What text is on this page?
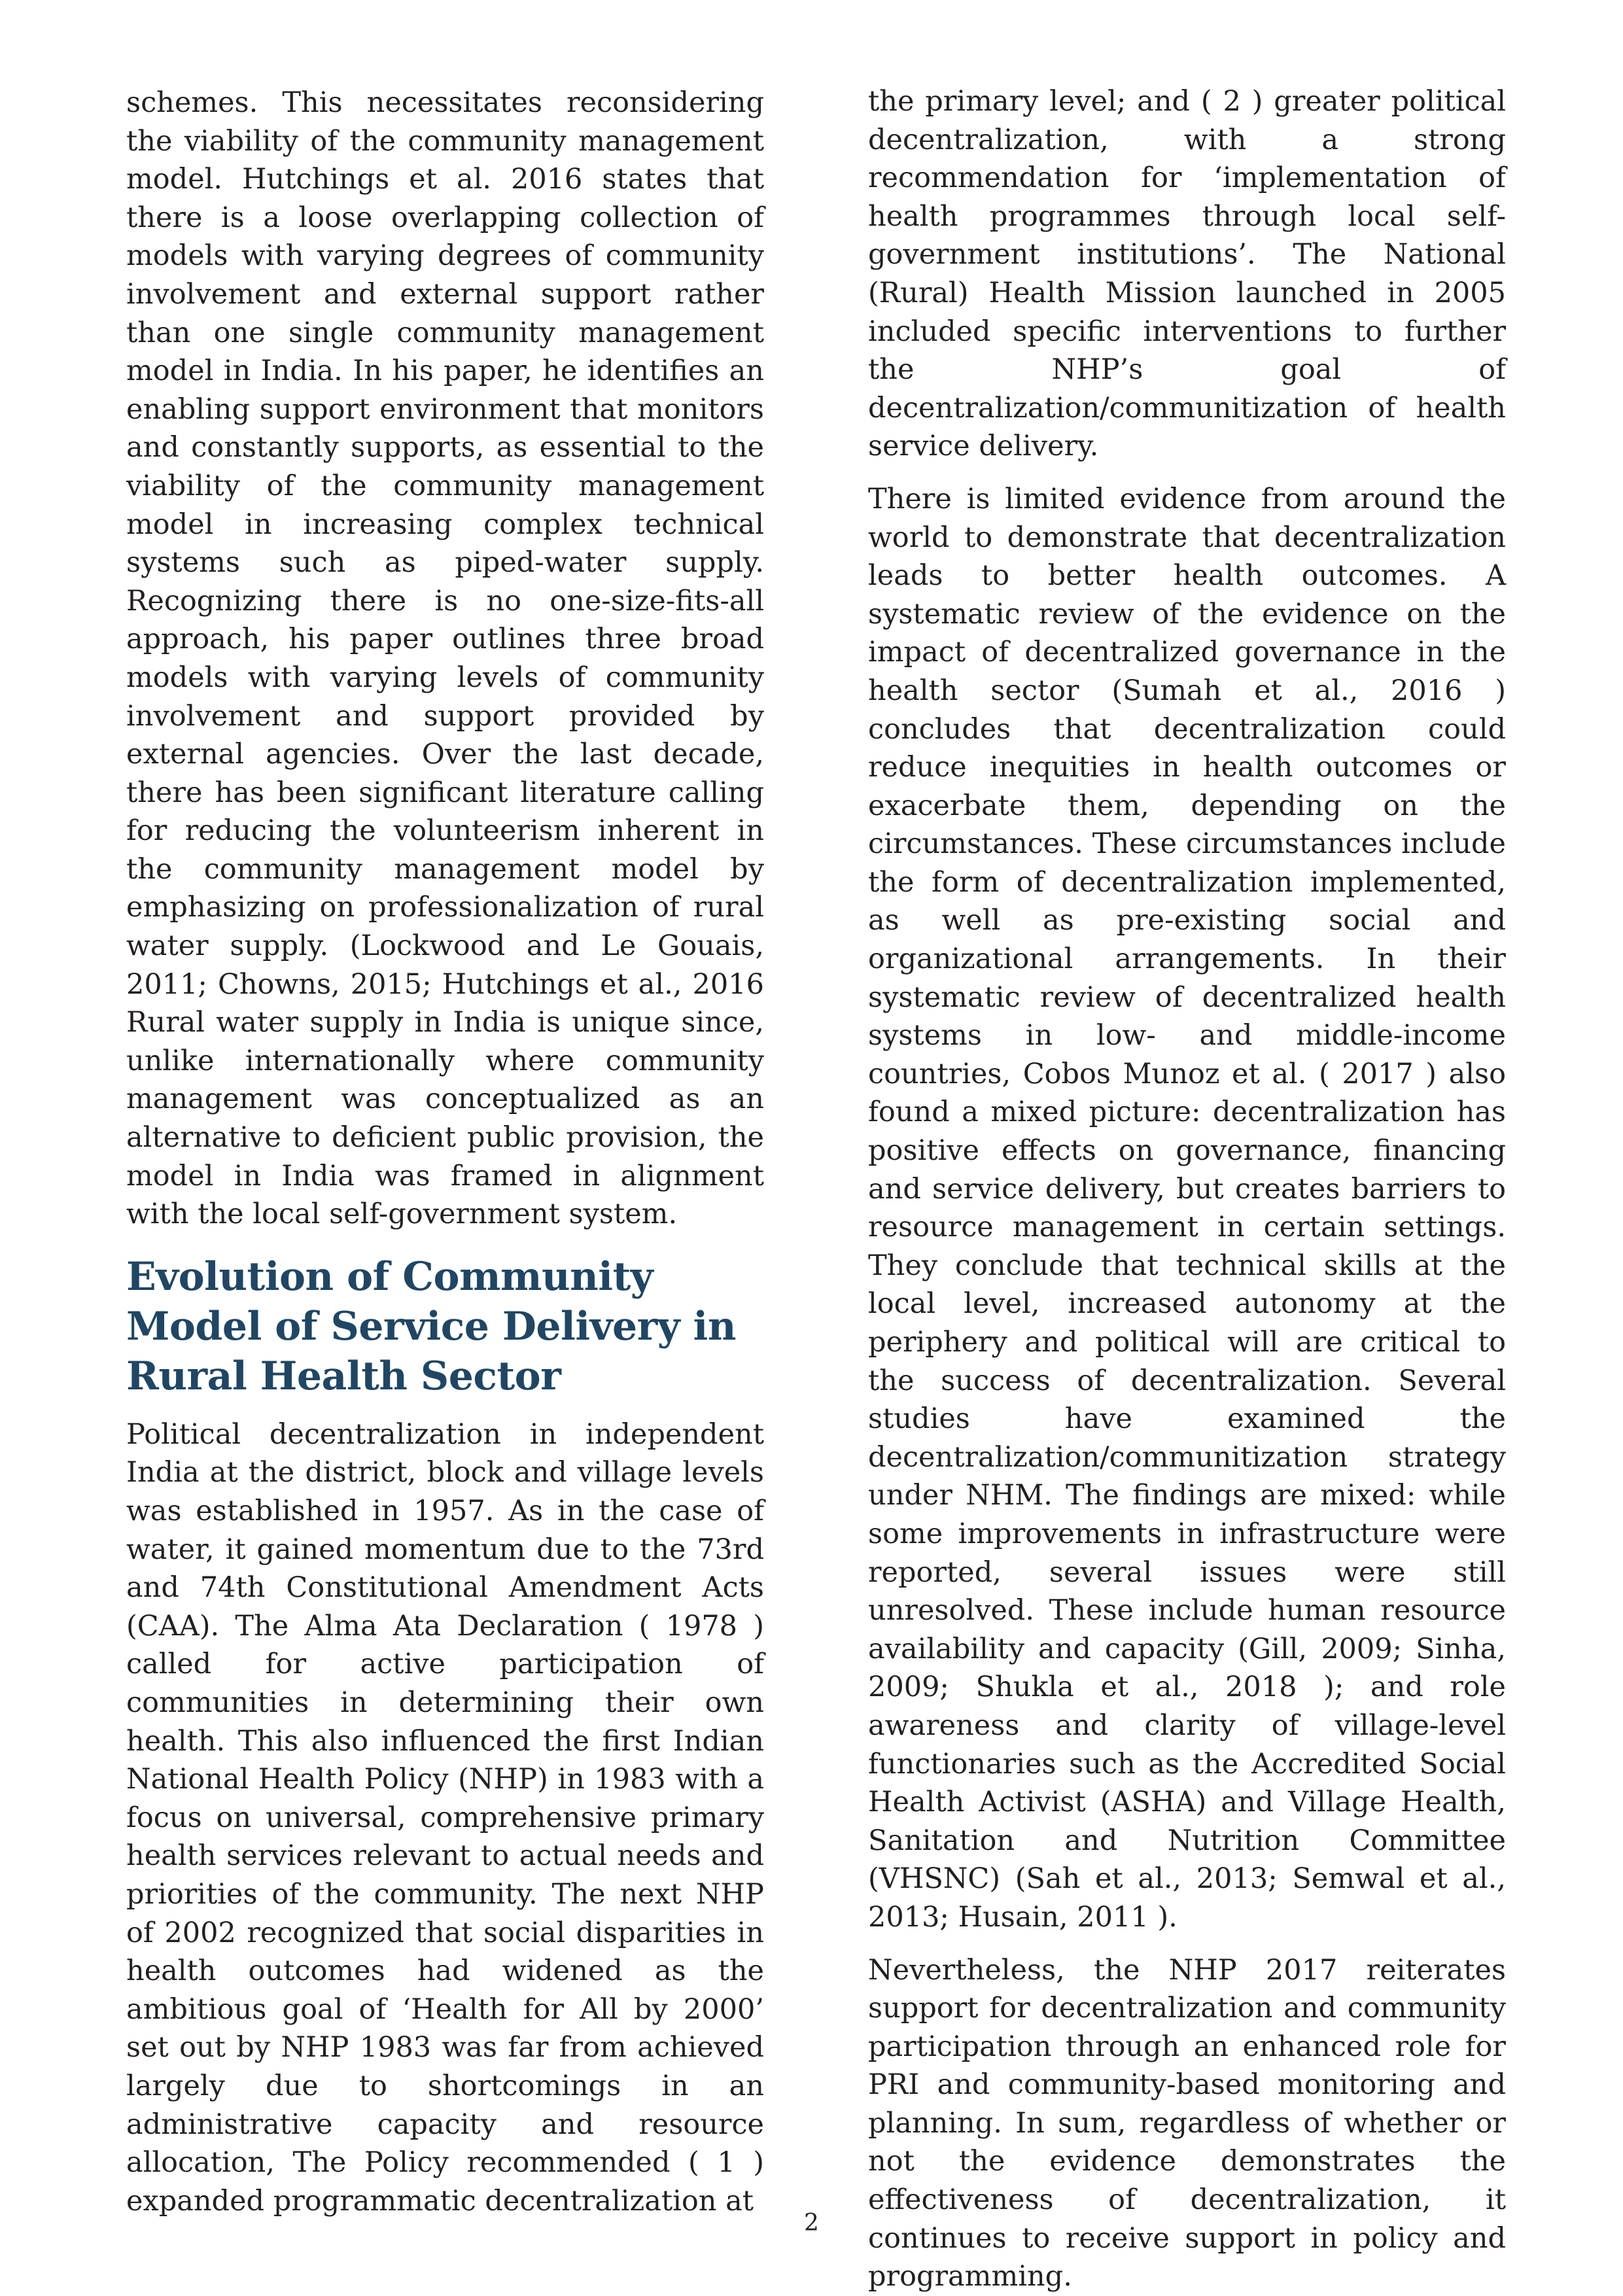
schemes. This necessitates reconsidering the viability of the community management model. Hutchings et al. 2016 states that there is a loose overlapping collection of models with varying degrees of community involvement and external support rather than one single community management model in India. In his paper, he identifies an enabling support environment that monitors and constantly supports, as essential to the viability of the community management model in increasing complex technical systems such as piped-water supply. Recognizing there is no one-size-fits-all approach, his paper outlines three broad models with varying levels of community involvement and support provided by external agencies. Over the last decade, there has been significant literature calling for reducing the volunteerism inherent in the community management model by emphasizing on professionalization of rural water supply. (Lockwood and Le Gouais, 2011; Chowns, 2015; Hutchings et al., 2016 Rural water supply in India is unique since, unlike internationally where community management was conceptualized as an alternative to deficient public provision, the model in India was framed in alignment with the local self-government system.

Evolution of Community Model of Service Delivery in Rural Health Sector

Political decentralization in independent India at the district, block and village levels was established in 1957. As in the case of water, it gained momentum due to the 73rd and 74th Constitutional Amendment Acts (CAA). The Alma Ata Declaration ( 1978 ) called for active participation of communities in determining their own health. This also influenced the first Indian National Health Policy (NHP) in 1983 with a focus on universal, comprehensive primary health services relevant to actual needs and priorities of the community. The next NHP of 2002 recognized that social disparities in health outcomes had widened as the ambitious goal of ‘Health for All by 2000’ set out by NHP 1983 was far from achieved largely due to shortcomings in an administrative capacity and resource allocation, The Policy recommended ( 1 ) expanded programmatic decentralization at

the primary level; and ( 2 ) greater political decentralization, with a strong recommendation for ‘implementation of health programmes through local self-government institutions’. The National (Rural) Health Mission launched in 2005 included specific interventions to further the NHP’s goal of decentralization/communitization of health service delivery.

There is limited evidence from around the world to demonstrate that decentralization leads to better health outcomes. A systematic review of the evidence on the impact of decentralized governance in the health sector (Sumah et al., 2016 ) concludes that decentralization could reduce inequities in health outcomes or exacerbate them, depending on the circumstances. These circumstances include the form of decentralization implemented, as well as pre-existing social and organizational arrangements. In their systematic review of decentralized health systems in low- and middle-income countries, Cobos Munoz et al. ( 2017 ) also found a mixed picture: decentralization has positive effects on governance, financing and service delivery, but creates barriers to resource management in certain settings. They conclude that technical skills at the local level, increased autonomy at the periphery and political will are critical to the success of decentralization. Several studies have examined the decentralization/communitization strategy under NHM. The findings are mixed: while some improvements in infrastructure were reported, several issues were still unresolved. These include human resource availability and capacity (Gill, 2009; Sinha, 2009; Shukla et al., 2018 ); and role awareness and clarity of village-level functionaries such as the Accredited Social Health Activist (ASHA) and Village Health, Sanitation and Nutrition Committee (VHSNC) (Sah et al., 2013; Semwal et al., 2013; Husain, 2011 ).

Nevertheless, the NHP 2017 reiterates support for decentralization and community participation through an enhanced role for PRI and community-based monitoring and planning. In sum, regardless of whether or not the evidence demonstrates the effectiveness of decentralization, it continues to receive support in policy and programming.

2
